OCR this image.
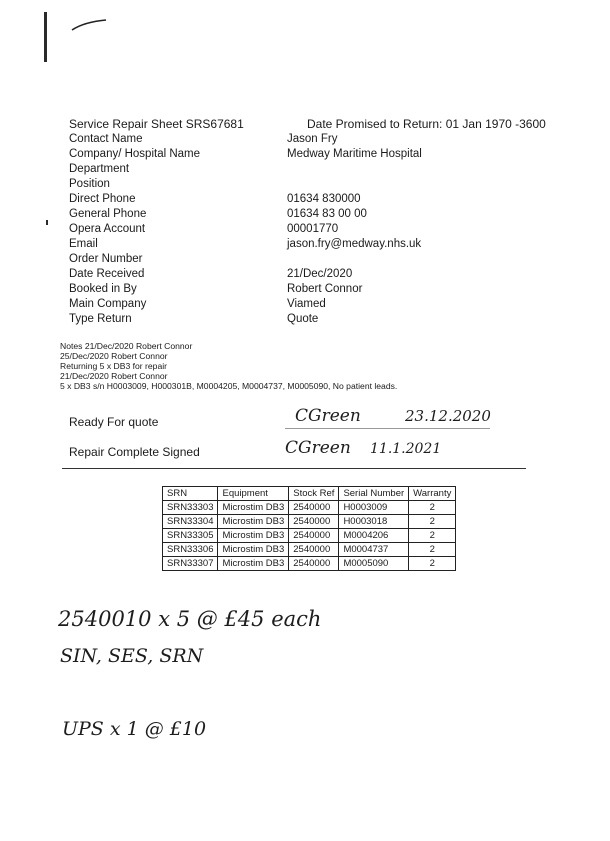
Service Repair Sheet SRS67681	Date Promised to Return: 01 Jan 1970 -3600
Contact Name	Jason Fry
Company/ Hospital Name	Medway Maritime Hospital
Department
Position
Direct Phone	01634 830000
General Phone	01634 83 00 00
Opera Account	00001770
Email	jason.fry@medway.nhs.uk
Order Number
Date Received	21/Dec/2020
Booked in By	Robert Connor
Main Company	Viamed
Type Return	Quote
Notes 21/Dec/2020 Robert Connor
25/Dec/2020 Robert Connor
Returning 5 x DB3 for repair
21/Dec/2020 Robert Connor
5 x DB3 s/n H0003009, H000301B, M0004205, M0004737, M0005090, No patient leads.
Ready For quote	CGreen	23.12.2020
Repair Complete Signed	CGreen 11.1.2021
SRN	Equipment	Stock Ref	Serial Number	Warranty
SRN33303	Microstim DB3	2540000	H0003009	2
SRN33304	Microstim DB3	2540000	H0003018	2
SRN33305	Microstim DB3	2540000	M0004206	2
SRN33306	Microstim DB3	2540000	M0004737	2
SRN33307	Microstim DB3	2540000	M0005090	2
2540010 x 5 @ £45 each
SIN, SES, SRN
UPS x 1 @ £10
